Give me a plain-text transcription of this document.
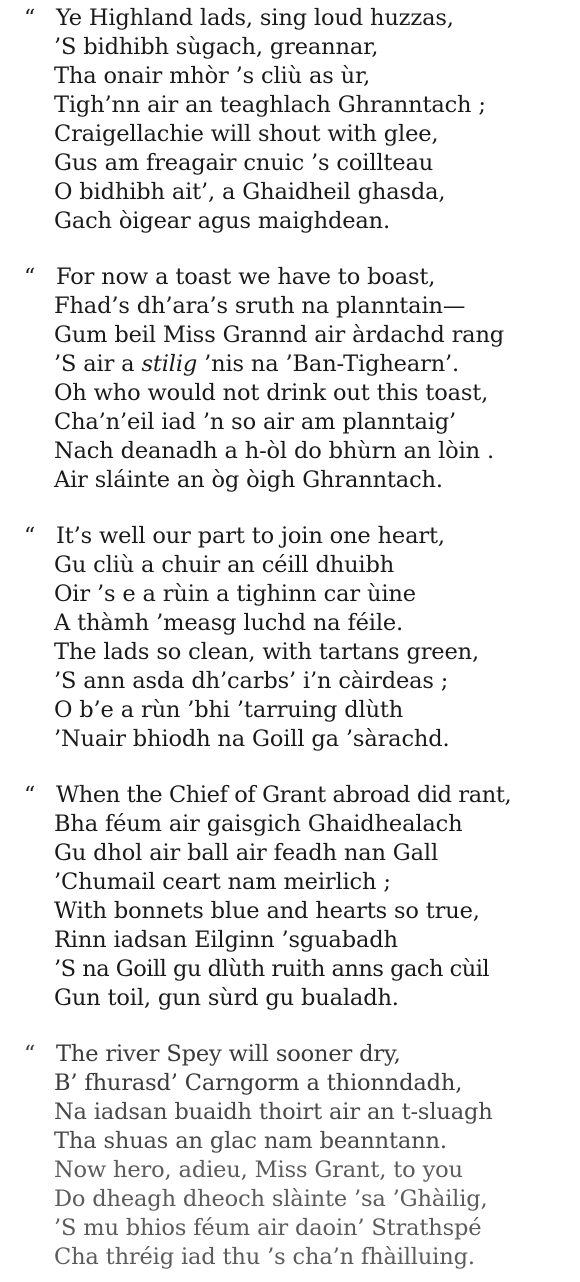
“ Ye Highland lads, sing loud huzzas,
’S bidhibh sùgach, greannar,
Tha onair mhòr ’s cliù as ùr,
Tigh’nn air an teaghlach Ghranntach ;
Craigellachie will shout with glee,
Gus am freagair cnuic ’s coillteau
O bidhibh ait’, a Ghaidheil ghasda,
Gach òigear agus maighdean.
“ For now a toast we have to boast,
Fhad’s dh’ara’s sruth na planntain—
Gum beil Miss Grannd air àrdachd rang
’S air a stilig ’nis na ’Ban-Tighearn’.
Oh who would not drink out this toast,
Cha’n’eil iad ’n so air am planntaig’
Nach deanadh a h-òl do bhùrn an lòin .
Air sláinte an òg òigh Ghranntach.
“ It’s well our part to join one heart,
Gu cliù a chuir an céill dhuibh
Oir ’s e a rùin a tighinn car ùine
A thàmh ’measg luchd na féile.
The lads so clean, with tartans green,
’S ann asda dh’carbs’ i’n càirdeas ;
O b’e a rùn ’bhi ’tarruing dlùth
’Nuair bhiodh na Goill ga ’sàrachd.
“ When the Chief of Grant abroad did rant,
Bha féum air gaisgich Ghaidhealach
Gu dhol air ball air feadh nan Gall
’Chumail ceart nam meirlich ;
With bonnets blue and hearts so true,
Rinn iadsan Eilginn ’sguabadh
’S na Goill gu dlùth ruith anns gach cùil
Gun toil, gun sùrd gu bualadh.
“ The river Spey will sooner dry,
B’ fhurasd’ Carngorm a thionndadh,
Na iadsan buaidh thoirt air an t-sluagh
Tha shuas an glac nam beanntann.
Now hero, adieu, Miss Grant, to you
Do dheagh dheoch slàinte ’sa ’Ghàilig,
’S mu bhios féum air daoin’ Strathspé
Cha thréig iad thu ’s cha’n fhàilluing.
